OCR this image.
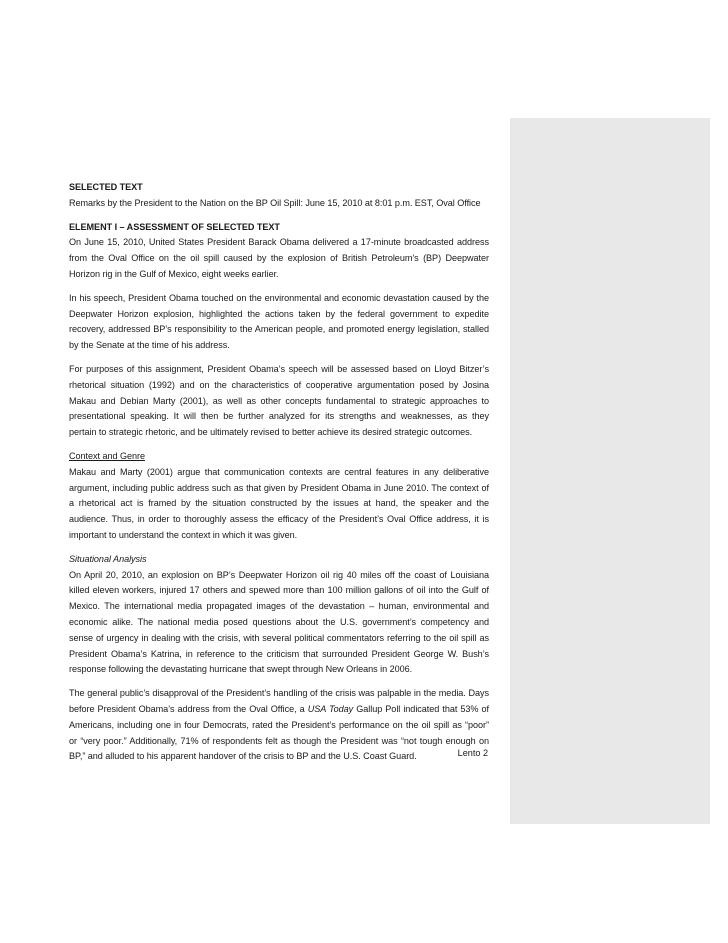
SELECTED TEXT
Remarks by the President to the Nation on the BP Oil Spill: June 15, 2010 at 8:01 p.m. EST, Oval Office
ELEMENT I – ASSESSMENT OF SELECTED TEXT
On June 15, 2010, United States President Barack Obama delivered a 17-minute broadcasted address
from the Oval Office on the oil spill caused by the explosion of British Petroleum’s (BP) Deepwater
Horizon rig in the Gulf of Mexico, eight weeks earlier.
In his speech, President Obama touched on the environmental and economic devastation caused by the
Deepwater Horizon explosion, highlighted the actions taken by the federal government to expedite
recovery, addressed BP’s responsibility to the American people, and promoted energy legislation, stalled
by the Senate at the time of his address.
For purposes of this assignment, President Obama’s speech will be assessed based on Lloyd Bitzer’s
rhetorical situation (1992) and on the characteristics of cooperative argumentation posed by Josina
Makau and Debian Marty (2001), as well as other concepts fundamental to strategic approaches to
presentational speaking. It will then be further analyzed for its strengths and weaknesses, as they
pertain to strategic rhetoric, and be ultimately revised to better achieve its desired strategic outcomes.
Context and Genre
Makau and Marty (2001) argue that communication contexts are central features in any deliberative
argument, including public address such as that given by President Obama in June 2010. The context of
a rhetorical act is framed by the situation constructed by the issues at hand, the speaker and the
audience. Thus, in order to thoroughly assess the efficacy of the President’s Oval Office address, it is
important to understand the context in which it was given.
Situational Analysis
On April 20, 2010, an explosion on BP’s Deepwater Horizon oil rig 40 miles off the coast of Louisiana
killed eleven workers, injured 17 others and spewed more than 100 million gallons of oil into the Gulf of
Mexico. The international media propagated images of the devastation – human, environmental and
economic alike. The national media posed questions about the U.S. government’s competency and
sense of urgency in dealing with the crisis, with several political commentators referring to the oil spill as
President Obama’s Katrina, in reference to the criticism that surrounded President George W. Bush’s
response following the devastating hurricane that swept through New Orleans in 2006.
The general public’s disapproval of the President’s handling of the crisis was palpable in the media. Days
before President Obama’s address from the Oval Office, a USA Today Gallup Poll indicated that 53% of
Americans, including one in four Democrats, rated the President’s performance on the oil spill as “poor”
or “very poor.” Additionally, 71% of respondents felt as though the President was “not tough enough on
BP,” and alluded to his apparent handover of the crisis to BP and the U.S. Coast Guard.	Lento 2
